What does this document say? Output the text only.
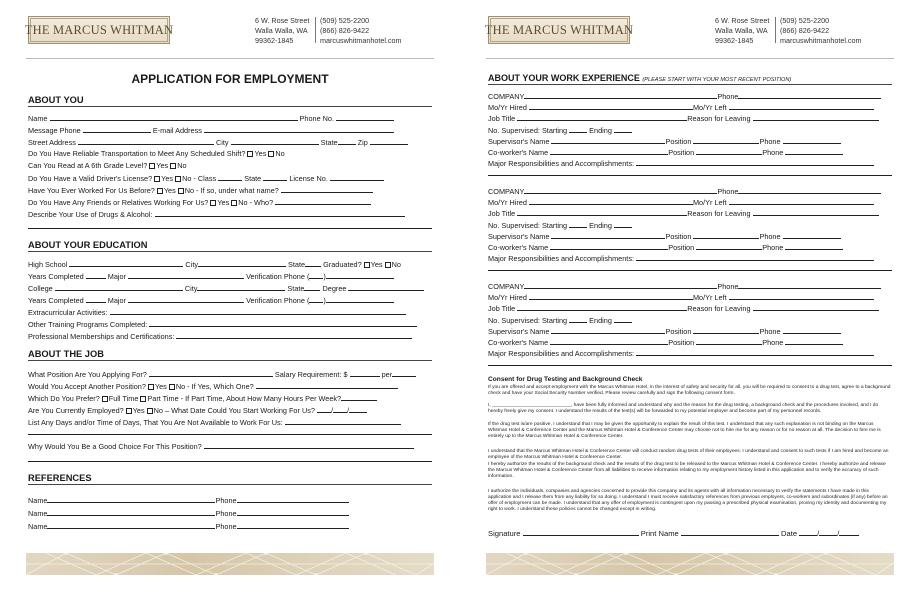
THE MARCUS WHITMAN
6 W. Rose Street
Walla Walla, WA
99362-1845
(509) 525-2200
(866) 826-9422
marcuswhitmanhotel.com
APPLICATION FOR EMPLOYMENT
ABOUT YOU
Name	Phone No.
Message Phone	E-mail Address
Street Address	City	State	Zip
Do You Have Reliable Transportation to Meet Any Scheduled Shift? Yes No
Can You Read at A 6th Grade Level? Yes No
Do You Have a Valid Driver's License? Yes No - Class	State	License No.
Have You Ever Worked For Us Before? Yes No - If so, under what name?
Do You Have Any Friends or Relatives Working For Us? Yes No - Who?
Describe Your Use of Drugs & Alcohol:
ABOUT YOUR EDUCATION
High School	City	State Graduated? Yes No
Years Completed	Major	Verification Phone ( )
College	City	State Degree
Years Completed	Major	Verification Phone ( )
Extracurricular Activities:
Other Training Programs Completed:
Professional Memberships and Certifications:
ABOUT THE JOB
What Position Are You Applying For?	Salary Requirement: $	per
Would You Accept Another Position? Yes No - If Yes, Which One?
Which Do You Prefer? Full Time Part Time - If Part Time, About How Many Hours Per Week?
Are You Currently Employed? Yes No – What Date Could You Start Working For Us? / /
List Any Days and/or Time of Days, That You Are Not Available to Work For Us:
Why Would You Be a Good Choice For This Position?
REFERENCES
Name	Phone
Name	Phone
Name	Phone
THE MARCUS WHITMAN
6 W. Rose Street
Walla Walla, WA
99362-1845
(509) 525-2200
(866) 826-9422
marcuswhitmanhotel.com
ABOUT YOUR WORK EXPERIENCE (PLEASE START WITH YOUR MOST RECENT POSITION)
COMPANY	Phone
Mo/Yr Hired	Mo/Yr Left
Job Title	Reason for Leaving
No. Supervised: Starting	Ending
Supervisor's Name	Position	Phone
Co-worker's Name	Position	Phone
Major Responsibilities and Accomplishments:
COMPANY	Phone
Mo/Yr Hired	Mo/Yr Left
Job Title	Reason for Leaving
No. Supervised: Starting	Ending
Supervisor's Name	Position	Phone
Co-worker's Name	Position	Phone
Major Responsibilities and Accomplishments:
COMPANY	Phone
Mo/Yr Hired	Mo/Yr Left
Job Title	Reason for Leaving
No. Supervised: Starting	Ending
Supervisor's Name	Position	Phone
Co-worker's Name	Position	Phone
Major Responsibilities and Accomplishments:
Consent for Drug Testing and Background Check
If you are offered and accept employment with the Marcus Whitman Hotel, in the interest of safety and security for all, you will be required to consent to a drug test, agree to a background check and have your Social Security Number verified. Please review carefully and sign the following consent form.
I, _____________________________, have been fully informed and understand why and the reason for the drug testing, a background check and the procedures involved, and I do hereby freely give my consent. I understand the results of the test(s) will be forwarded to my potential employer and become part of my personnel records.
If the drug test is/are positive, I understand that I may be given the opportunity to explain the result of this test. I understand that any such explanation is not binding on the Marcus Whitman Hotel & Conference Center and the Marcus Whitman Hotel & Conference Center may choose not to hire me for any reason or for no reason at all. The decision to hire me is entirely up to the Marcus Whitman Hotel & Conference Center.
I understand that the Marcus Whitman Hotel & Conference Center will conduct random drug tests of their employees. I understand and consent to such tests if I am hired and become an employee of the Marcus Whitman Hotel & Conference Center.
I hereby authorize the results of the background check and the results of the drug test to be released to the Marcus Whitman Hotel & Conference Center. I hereby authorize and release the Marcus Whitman Hotel & Conference Center from all liabilities to receive information relating to my employment history listed in this application and to verify the accuracy of such information.
I authorize the individuals, companies and agencies concerned to provide this company and its agents with all information necessary to verify the statements I have made in this application and I release them from any liability for so doing. I understand I must receive satisfactory references from previous employers, co-workers and subordinates (if any) before an offer of employment can be made. I understand that any offer of employment is contingent upon my passing a prescribed physical examination, proving my identity and documenting my right to work. I understand these policies cannot be changed except in writing.
Signature	Print Name	Date	/ /
